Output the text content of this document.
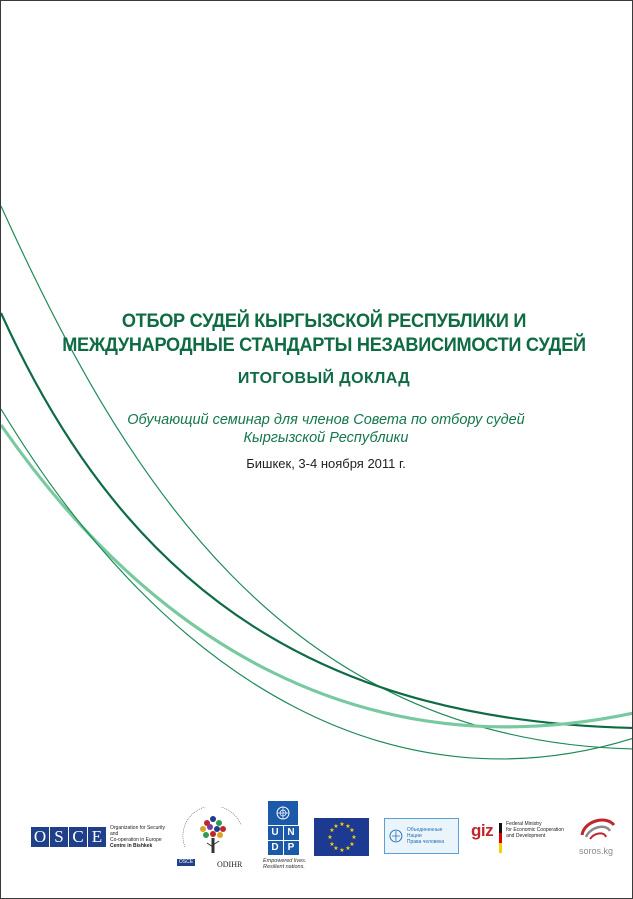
ОТБОР СУДЕЙ КЫРГЫЗСКОЙ РЕСПУБЛИКИ И
МЕЖДУНАРОДНЫЕ СТАНДАРТЫ НЕЗАВИСИМОСТИ СУДЕЙ
ИТОГОВЫЙ ДОКЛАД
Обучающий семинар для членов Совета по отбору судей
Кыргызской Республики
Бишкек, 3-4 ноября 2011 г.
O S C E	Organization for Security and
Co-operation in Europe
Centre in Bishkek
OSCE	ODIHR
U N
D P
Empowered lives.
Resilient nations.
★ ★
★
★
★
★
★
★
★
★
★
★	Объединенные Нации
Права человека
giz	Federal Ministry
for Economic Cooperation
and Development
soros.kg
